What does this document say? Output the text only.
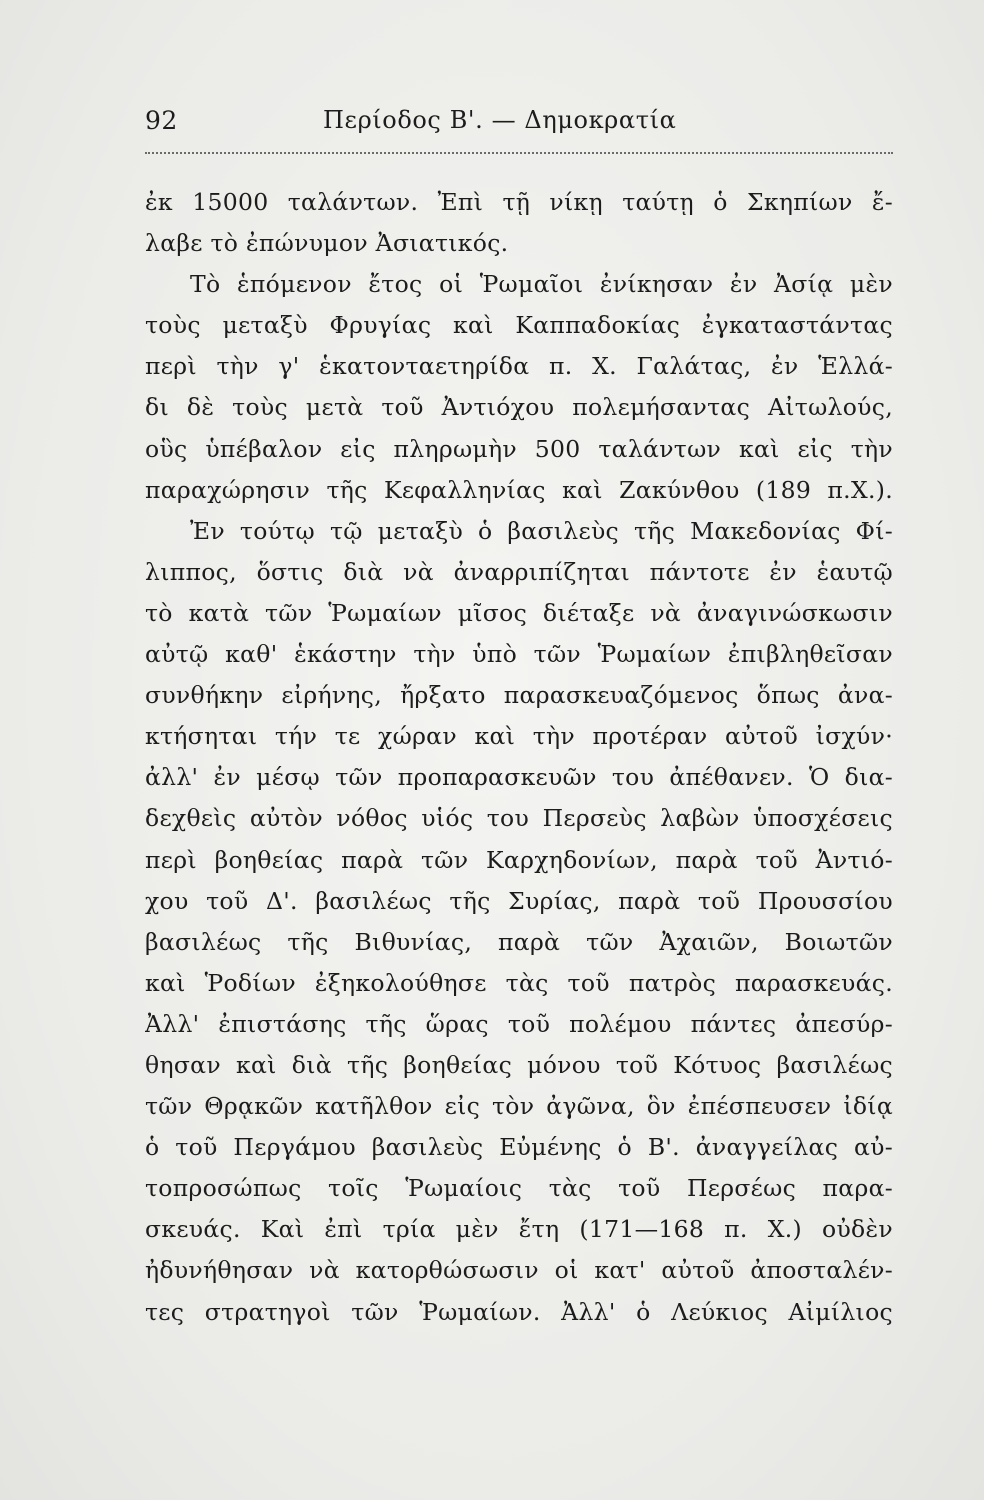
92	Περίοδος Β'. — Δημοκρατία
ἐκ 15000 ταλάντων. Ἐπὶ τῇ νίκῃ ταύτῃ ὁ Σκηπίων ἔ-
λαβε τὸ ἐπώνυμον Ἀσιατικός.
Τὸ ἑπόμενον ἔτος οἱ Ῥωμαῖοι ἐνίκησαν ἐν Ἀσίᾳ μὲν
τοὺς μεταξὺ Φρυγίας καὶ Καππαδοκίας ἐγκαταστάντας
περὶ τὴν γ' ἑκατονταετηρίδα π. Χ. Γαλάτας, ἐν Ἑλλά-
δι δὲ τοὺς μετὰ τοῦ Ἀντιόχου πολεμήσαντας Αἰτωλούς,
οὓς ὑπέβαλον εἰς πληρωμὴν 500 ταλάντων καὶ εἰς τὴν
παραχώρησιν τῆς Κεφαλληνίας καὶ Ζακύνθου (189 π.Χ.).
Ἐν τούτῳ τῷ μεταξὺ ὁ βασιλεὺς τῆς Μακεδονίας Φί-
λιππος, ὅστις διὰ νὰ ἀναρριπίζηται πάντοτε ἐν ἑαυτῷ
τὸ κατὰ τῶν Ῥωμαίων μῖσος διέταξε νὰ ἀναγινώσκωσιν
αὐτῷ καθ' ἑκάστην τὴν ὑπὸ τῶν Ῥωμαίων ἐπιβληθεῖσαν
συνθήκην εἰρήνης, ἤρξατο παρασκευαζόμενος ὅπως ἀνα-
κτήσηται τήν τε χώραν καὶ τὴν προτέραν αὐτοῦ ἰσχύν·
ἀλλ' ἐν μέσῳ τῶν προπαρασκευῶν του ἀπέθανεν. Ὁ δια-
δεχθεὶς αὐτὸν νόθος υἱός του Περσεὺς λαβὼν ὑποσχέσεις
περὶ βοηθείας παρὰ τῶν Καρχηδονίων, παρὰ τοῦ Ἀντιό-
χου τοῦ Δ'. βασιλέως τῆς Συρίας, παρὰ τοῦ Προυσσίου
βασιλέως τῆς Βιθυνίας, παρὰ τῶν Ἀχαιῶν, Βοιωτῶν
καὶ Ῥοδίων ἐξηκολούθησε τὰς τοῦ πατρὸς παρασκευάς.
Ἀλλ' ἐπιστάσης τῆς ὥρας τοῦ πολέμου πάντες ἀπεσύρ-
θησαν καὶ διὰ τῆς βοηθείας μόνου τοῦ Κότυος βασιλέως
τῶν Θρᾳκῶν κατῆλθον εἰς τὸν ἀγῶνα, ὃν ἐπέσπευσεν ἰδίᾳ
ὁ τοῦ Περγάμου βασιλεὺς Εὐμένης ὁ Β'. ἀναγγείλας αὐ-
τοπροσώπως τοῖς Ῥωμαίοις τὰς τοῦ Περσέως παρα-
σκευάς. Καὶ ἐπὶ τρία μὲν ἔτη (171—168 π. Χ.) οὐδὲν
ἠδυνήθησαν νὰ κατορθώσωσιν οἱ κατ' αὐτοῦ ἀποσταλέν-
τες στρατηγοὶ τῶν Ῥωμαίων. Ἀλλ' ὁ Λεύκιος Αἰμίλιος
